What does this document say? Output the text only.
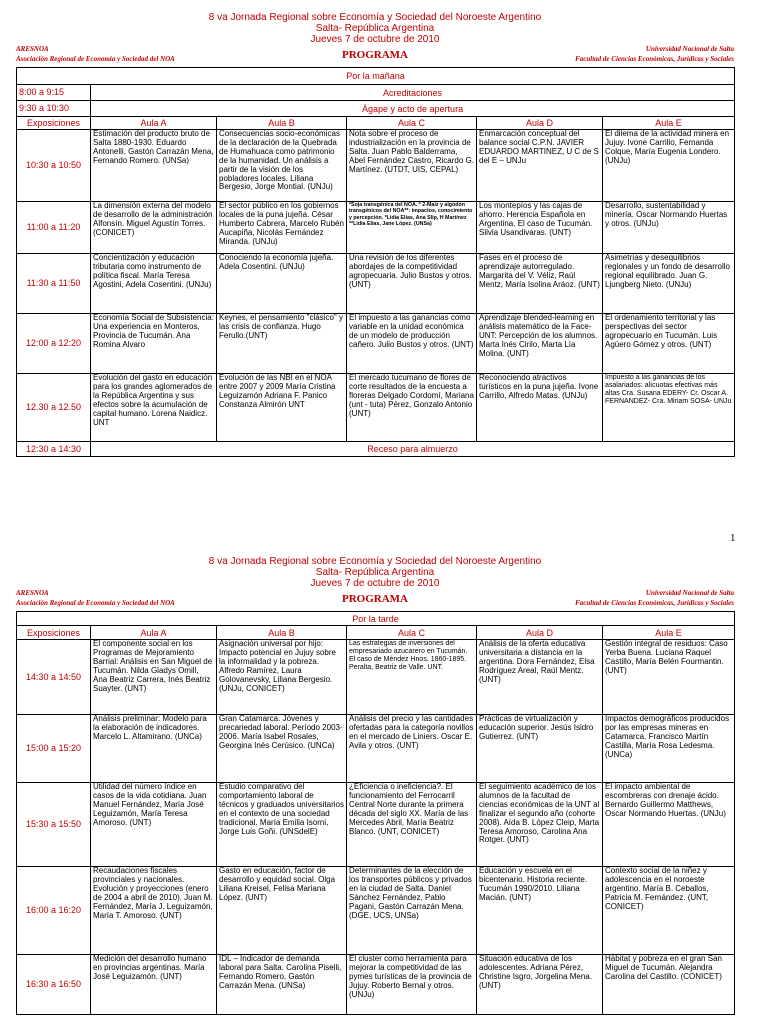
8 va Jornada Regional sobre Economía y Sociedad del Noroeste Argentino
Salta- República Argentina
Jueves 7 de octubre de 2010
ARESNOA
Asociación Regional de Economía y Sociedad del NOA	PROGRAMA	Universidad Nacional de Salta
Facultad de Ciencias Económicas, Jurídicas y Sociales
Por la mañana					
8:00 a 9:15	Acreditaciones				
9:30 a 10:30	Ágape y acto de apertura				
Exposiciones	Aula A	Aula B	Aula C	Aula D	Aula E
10:30 a 10:50	Estimación del producto bruto de Salta 1880-1930. Eduardo Antonelli, Gastón Carrazán Mena, Fernando Romero. (UNSa)	Consecuencias socio-económicas de la declaración de la Quebrada de Humahuaca como patrimonio de la humanidad. Un análisis a partir de la visión de los pobladores locales. Liliana Bergesio, Jorge Montial. (UNJu)	Nota sobre el proceso de industrialización en la provincia de Salta. Juan Pablo Balderrama, Abel Fernández Castro, Ricardo G. Martínez. (UTDT, UIS, CEPAL)	Enmarcación conceptual del balance social C.P.N. JAVIER EDUARDO MARTINEZ, U C de S del E – UNJu	El dilema de la actividad minera en Jujuy. Ivone Carrillo, Fernanda Colque, María Eugenia Londero. (UNJu)
11:00 a 11:20	La dimensión externa del modelo de desarrollo de la administración Alfonsín. Miguel Agustín Torres. (CONICET)	El sector público en los gobiernos locales de la puna jujeña. César Humberto Cabrera, Marcelo Rubén Aucapiña, Nicolás Fernández Miranda. (UNJu)	*Soja transgénica del NOA. * 2-Maíz y algodón transgénicos del NOA**: impactos, conocimiento y percepción. *Lidia Elías, Ana Slip, H Martínez **Lidia Elías, Jane López. (UNSa)	Los montepíos y las cajas de ahorro. Herencia Española en Argentina. El caso de Tucumán. Silvia Usandivaras. (UNT)	Desarrollo, sustentabilidad y minería. Oscar Normando Huertas y otros. (UNJu)
11:30 a 11:50	Concientización y educación tributaria como instrumento de política fiscal. María Teresa Agostini, Adela Cosentini. (UNJu)	Conociendo la economía jujeña. Adela Cosentini. (UNJu)	Una revisión de los diferentes abordajes de la competitividad agropecuaria. Julio Bustos y otros. (UNT)	Fases en el proceso de aprendizaje autorregulado. Margarita del V. Véliz, Raúl Mentz, María Isolina Aráoz. (UNT)	Asimetrías y desequilibrios regionales y un fondo de desarrollo regional equilibrado. Juan G. Ljungberg Nieto. (UNJu)
12:00 a 12:20	Economía Social de Subsistencia: Una experiencia en Monteros, Provincia de Tucumán. Ana Romina Alvaro	Keynes, el pensamiento "clásico" y las crisis de confianza. Hugo Ferullo.(UNT)	El impuesto a las ganancias como variable en la unidad económica de un modelo de producción cañero. Julio Bustos y otros. (UNT)	Aprendizaje blended-learning en análisis matemático de la Face-UNT: Percepción de los alumnos. Marta Inés Cirilo, Marta Lía Molina. (UNT)	El ordenamiento territorial y las perspectivas del sector agropecuario en Tucumán. Luis Agüero Gómez y otros. (UNT)
12.30 a 12.50	Evolución del gasto en educación para los grandes aglomerados de la República Argentina y sus efectos sobre la acumulación de capital humano. Lorena Naidicz. UNT	Evolución de las NBI en el NOA entre 2007 y 2009 María Cristina Leguizamón Adriana F. Panico Constanza Almirón UNT	El mercado tucumano de flores de corte resultados de la encuesta a floreras Delgado Cordomí, Mariana (unt - tuta) Pérez, Gonzalo Antonio (UNT)	Reconociendo atractivos turísticos en la puna jujeña. Ivone Carrillo, Alfredo Matas. (UNJu)	Impuesto a las ganancias de los asalariados: alícuotas efectivas más altas Cra. Susana EDERY- Cr. Oscar A. FERNANDEZ- Cra. Miriam SOSA- UNJu
12:30 a 14:30	Receso para almuerzo				
1
8 va Jornada Regional sobre Economía y Sociedad del Noroeste Argentino
Salta- República Argentina
Jueves 7 de octubre de 2010
ARESNOA
Asociación Regional de Economía y Sociedad del NOA	PROGRAMA	Universidad Nacional de Salta
Facultad de Ciencias Económicas, Jurídicas y Sociales
Por la tarde					
Exposiciones	Aula A	Aula B	Aula C	Aula D	Aula E
14:30 a 14:50	El componente social en los Programas de Mejoramiento Barrial: Análisis en San Miguel de Tucumán. Nilda Gladys Omill, Ana Beatriz Carrera, Inés Beatriz Suayter. (UNT)	Asignación universal por hijo: Impacto potencial en Jujuy sobre la informalidad y la pobreza. Alfredo Ramírez, Laura Golovanevsky, Liliana Bergesio. (UNJu, CONICET)	Las estrategias de inversiones del empresariado azucarero en Tucumán. El caso de Méndez Hnos. 1860-1895. Peralta, Beatriz de Valle. UNT.	Análisis de la oferta educativa universitaria a distancia en la argentina. Dora Fernández, Elsa Rodríguez Areal, Raúl Mentz. (UNT)	Gestión integral de residuos: Caso Yerba Buena. Luciana Raquel Castillo, María Belén Fourmantin. (UNT)
15:00 a 15:20	Análisis preliminar: Modelo para la elaboración de indicadores. Marcelo L. Altamirano. (UNCa)	Gran Catamarca. Jóvenes y precariedad laboral. Período 2003- 2006. María Isabel Rosales, Georgina Inés Cerúsico. (UNCa)	Análisis del precio y las cantidades ofertadas para la categoría novillos en el mercado de Liniers. Oscar E. Avila y otros. (UNT)	Prácticas de virtualización y educación superior. Jesús Isidro Gutierrez. (UNT)	Impactos demográficos producidos por las empresas mineras en Catamarca. Francisco Martín Castilla, María Rosa Ledesma. (UNCa)
15:30 a 15:50	Utilidad del número índice en casos de la vida cotidiana. Juan Manuel Fernández, María José Leguizamón, María Teresa Amoroso. (UNT)	Estudio comparativo del comportamiento laboral de técnicos y graduados universitarios en el contexto de una sociedad tradicional. María Emilia Isorni, Jorge Luis Goñi. (UNSdelE)	¿Eficiencia o ineficiencia?. El funcionamiento del Ferrocarril Central Norte durante la primera década del siglo XX. María de las Mercedes Abril, María Beatriz Blanco. (UNT, CONICET)	El seguimiento académico de los alumnos de la facultad de ciencias económicas de la UNT al finalizar el segundo año (cohorte 2008). Aída B. López Cleip, Marta Teresa Amoroso, Carolina Ana Rotger. (UNT)	El impacto ambiental de escombreras con drenaje ácido. Bernardo Guillermo Matthews, Oscar Normando Huertas. (UNJu)
16:00 a 16:20	Recaudaciones fiscales provinciales y nacionales. Evolución y proyecciones (enero de 2004 a abril de 2010). Juan M. Fernández, María J. Leguizamón, María T. Amoroso. (UNT)	Gasto en educación, factor de desarrollo y equidad social. Olga Liliana Kreisel, Felisa Mariana López. (UNT)	Determinantes de la elección de los transportes públicos y privados en la ciudad de Salta. Daniel Sánchez Fernández, Pablo Pagani, Gastón Carrazán Mena. (DGE, UCS, UNSa)	Educación y escuela en el bicentenario. Historia reciente. Tucumán 1990/2010. Liliana Macián. (UNT)	Contexto social de la niñez y adolescencia en el noroeste argentino. María B. Ceballos, Patricia M. Fernández. (UNT, CONICET)
16:30 a 16:50	Medición del desarrollo humano en provincias argentinas. María José Leguizamón. (UNT)	IDL – Indicador de demanda laboral para Salta. Carolina Piselli, Fernando Romero, Gastón Carrazán Mena. (UNSa)	El cluster como herramienta para mejorar la competitividad de las pymes turísticas de la provincia de Jujuy. Roberto Bernal y otros. (UNJu)	Situación educativa de los adolescentes. Adriana Pérez, Christine Isgro, Jorgelina Mena. (UNT)	Hábitat y pobreza en el gran San Miguel de Tucumán. Alejandra Carolina del Castillo. (CONICET)
